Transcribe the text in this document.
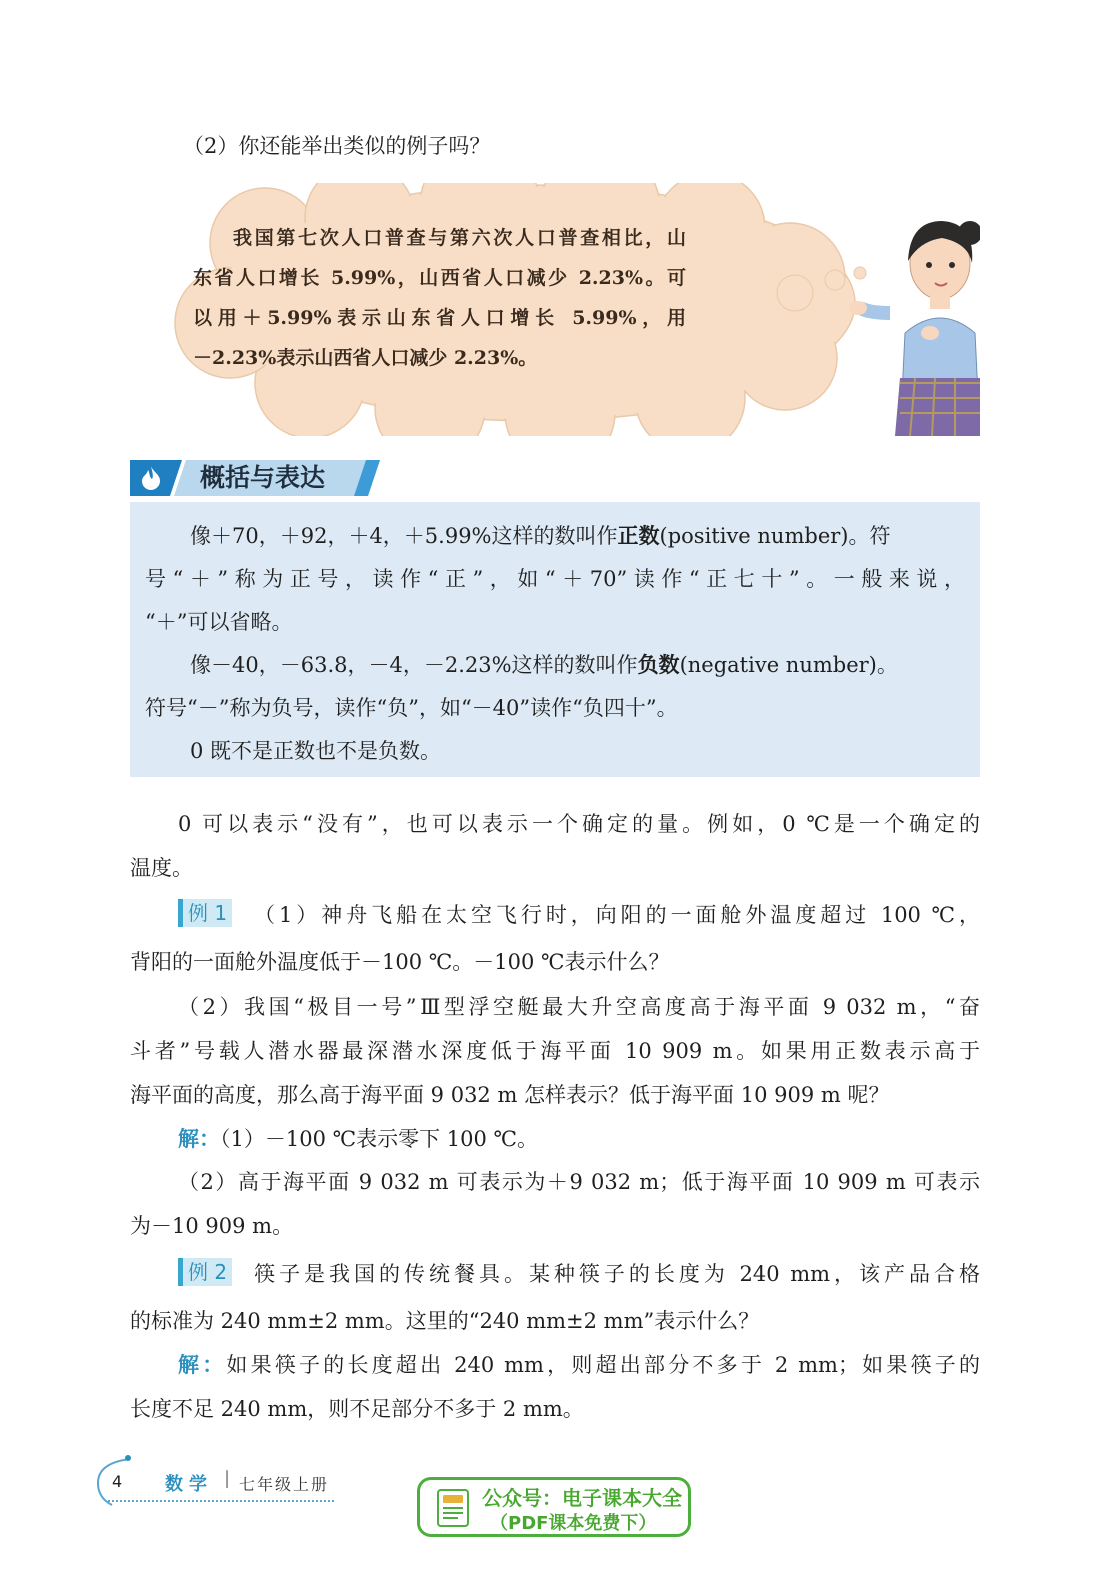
（2）你还能举出类似的例子吗？

我国第七次人口普查与第六次人口普查相比，山
东省人口增长 5.99%，山西省人口减少 2.23%。可
以用＋5.99%表示山东省人口增长 5.99%，用
－2.23%表示山西省人口减少 2.23%。
概括与表达

像＋70，＋92，＋4，＋5.99%这样的数叫作正数(positive number)。符

号“＋”称为正号，读作“正”，如“＋70”读作“正七十”。一般来说，

“＋”可以省略。

像－40，－63.8，－4，－2.23%这样的数叫作负数(negative number)。

符号“－”称为负号，读作“负”，如“－40”读作“负四十”。

0 既不是正数也不是负数。

0 可以表示“没有”，也可以表示一个确定的量。例如，0 ℃是一个确定的

温度。

例 1 （1）神舟飞船在太空飞行时，向阳的一面舱外温度超过 100 ℃，

背阳的一面舱外温度低于－100 ℃。－100 ℃表示什么？

（2）我国“极目一号”Ⅲ型浮空艇最大升空高度高于海平面 9 032 m，“奋

斗者”号载人潜水器最深潜水深度低于海平面 10 909 m。如果用正数表示高于

海平面的高度，那么高于海平面 9 032 m 怎样表示？低于海平面 10 909 m 呢？

解：（1）－100 ℃表示零下 100 ℃。

（2）高于海平面 9 032 m 可表示为＋9 032 m；低于海平面 10 909 m 可表示

为－10 909 m。

例 2 筷子是我国的传统餐具。某种筷子的长度为 240 mm，该产品合格

的标准为 240 mm±2 mm。这里的“240 mm±2 mm”表示什么？

解：如果筷子的长度超出 240 mm，则超出部分不多于 2 mm；如果筷子的

长度不足 240 mm，则不足部分不多于 2 mm。

4 数学 | 七年级上册
公众号：电子课本大全
（PDF课本免费下）
